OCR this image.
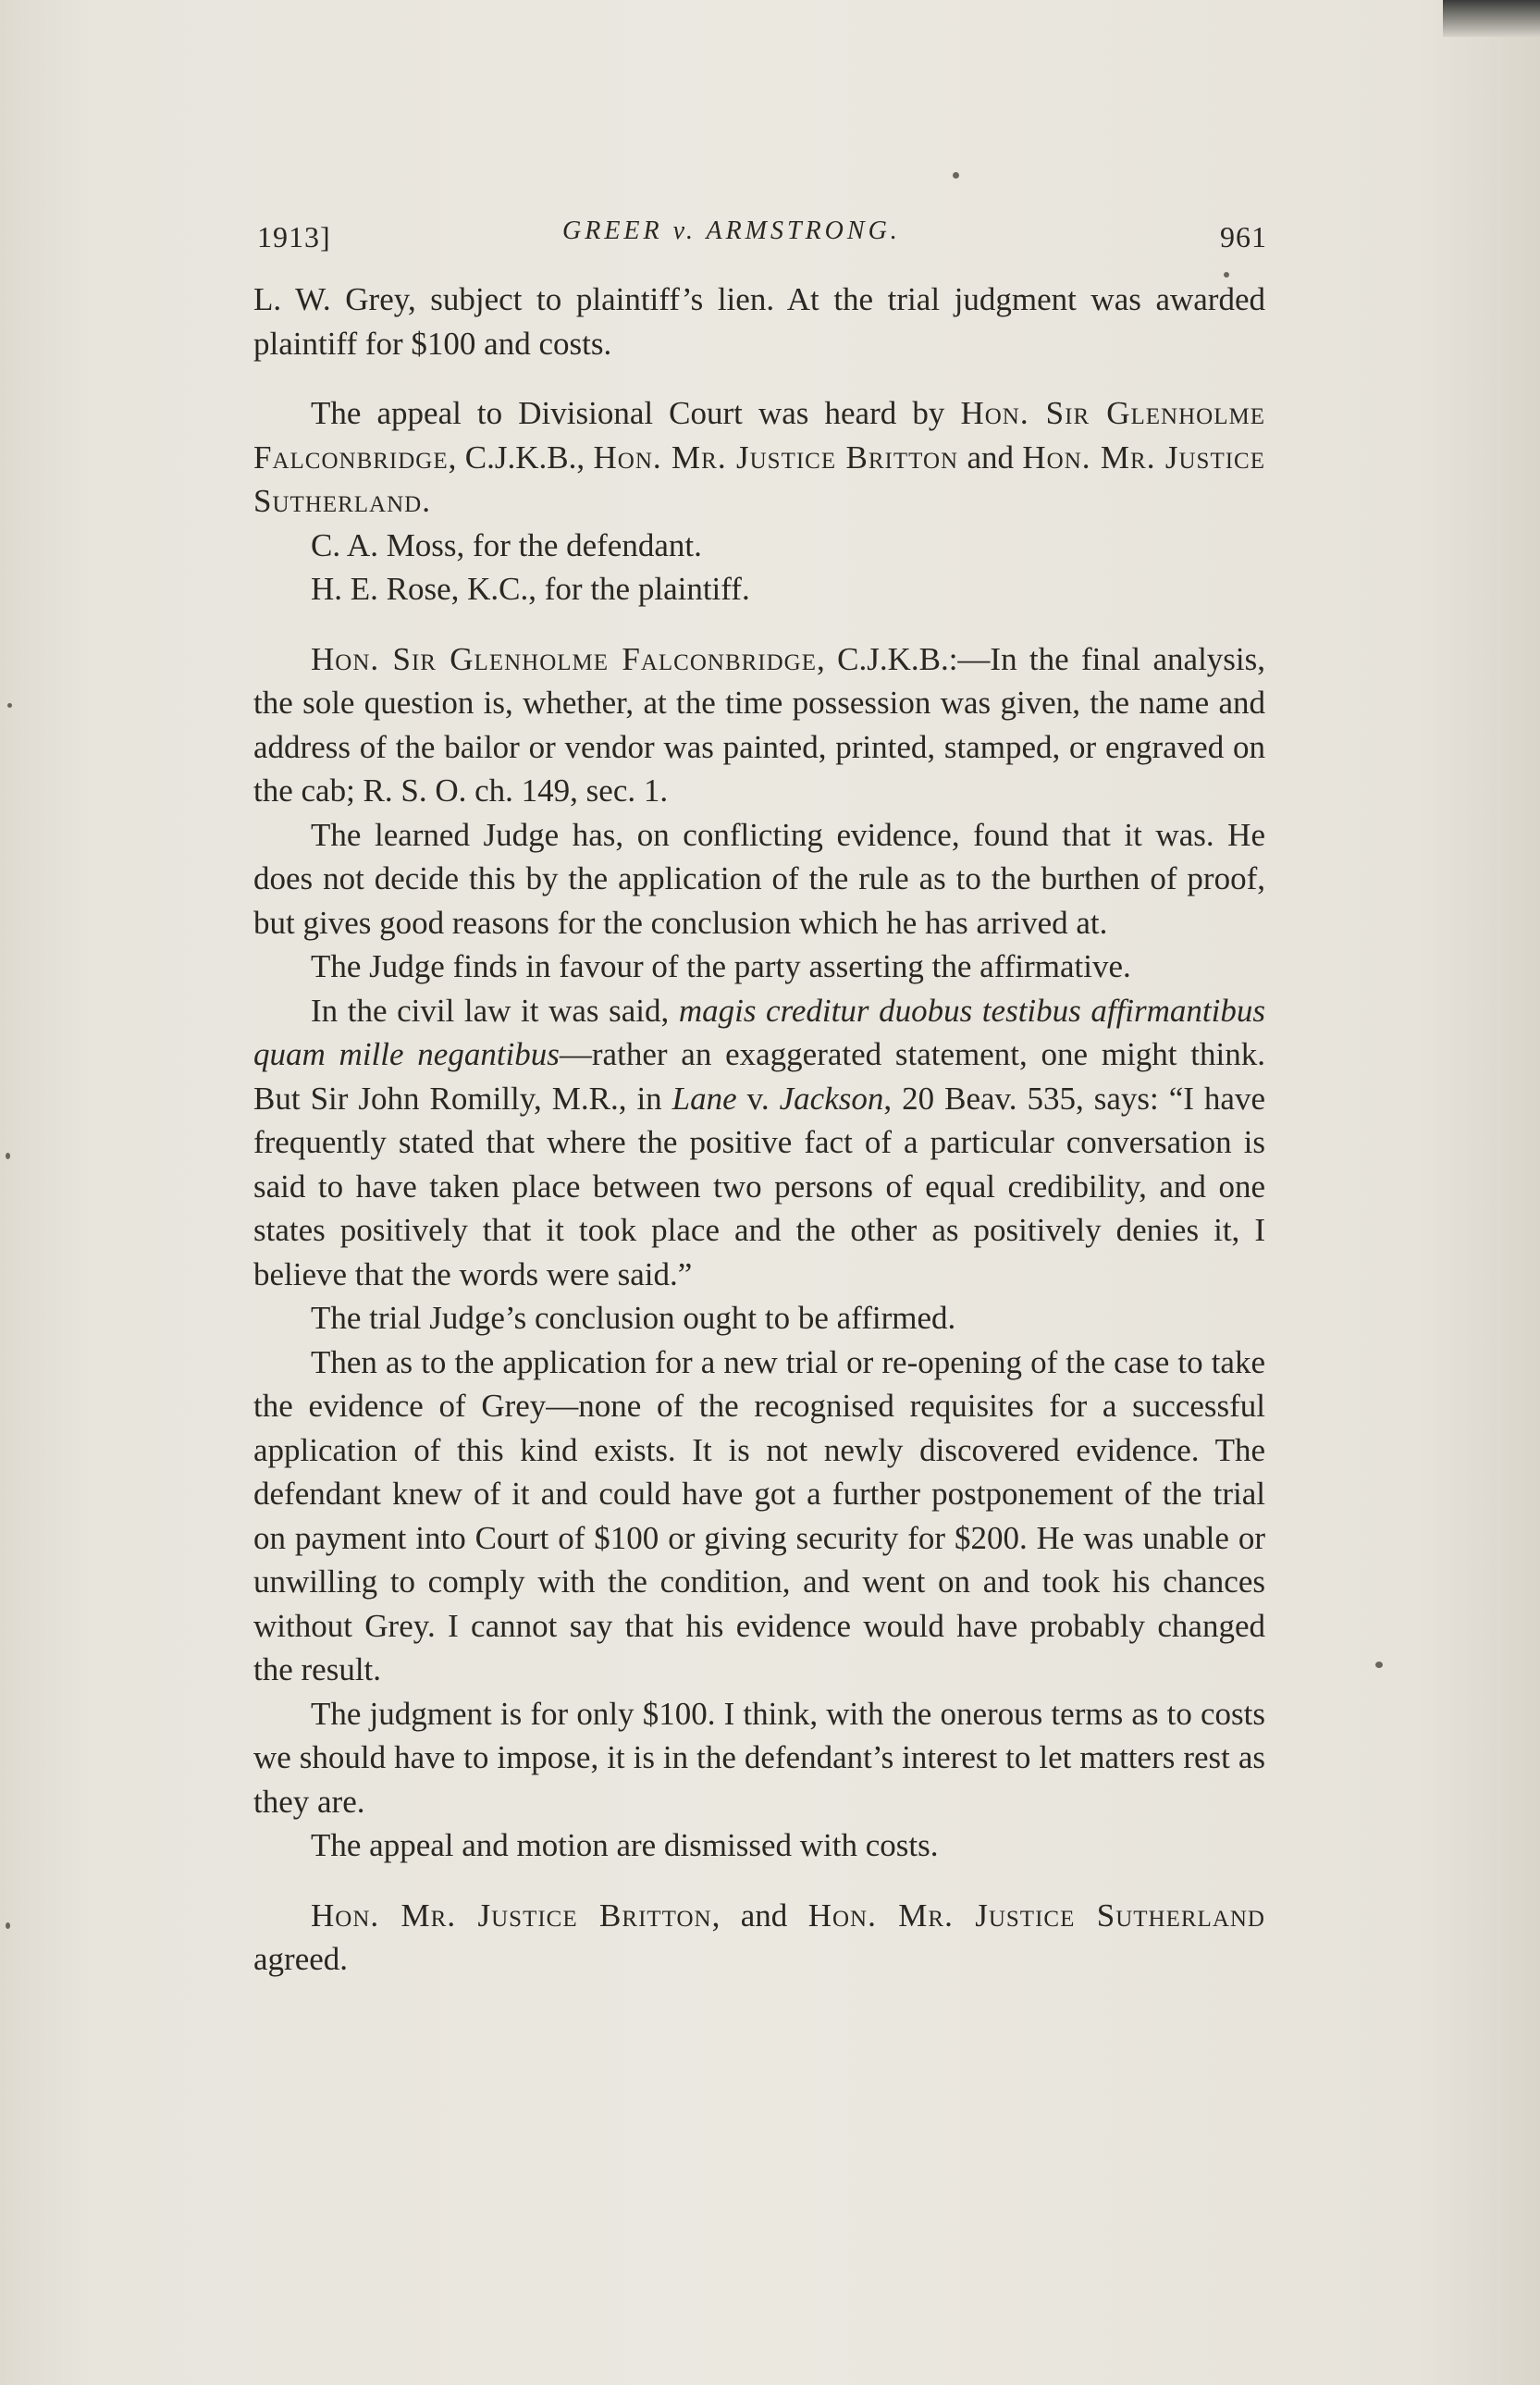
1913]	GREER v. ARMSTRONG.	961

L. W. Grey, subject to plaintiff’s lien. At the trial judgment was awarded plaintiff for $100 and costs.

The appeal to Divisional Court was heard by Hon. Sir Glenholme Falconbridge, C.J.K.B., Hon. Mr. Justice Britton and Hon. Mr. Justice Sutherland.

C. A. Moss, for the defendant.

H. E. Rose, K.C., for the plaintiff.

Hon. Sir Glenholme Falconbridge, C.J.K.B.:—In the final analysis, the sole question is, whether, at the time possession was given, the name and address of the bailor or vendor was painted, printed, stamped, or engraved on the cab; R. S. O. ch. 149, sec. 1.

The learned Judge has, on conflicting evidence, found that it was. He does not decide this by the application of the rule as to the burthen of proof, but gives good reasons for the conclusion which he has arrived at.

The Judge finds in favour of the party asserting the affirmative.

In the civil law it was said, magis creditur duobus testibus affirmantibus quam mille negantibus—rather an exaggerated statement, one might think. But Sir John Romilly, M.R., in Lane v. Jackson, 20 Beav. 535, says: “I have frequently stated that where the positive fact of a particular conversation is said to have taken place between two persons of equal credibility, and one states positively that it took place and the other as positively denies it, I believe that the words were said.”

The trial Judge’s conclusion ought to be affirmed.

Then as to the application for a new trial or re-opening of the case to take the evidence of Grey—none of the recognised requisites for a successful application of this kind exists. It is not newly discovered evidence. The defendant knew of it and could have got a further postponement of the trial on payment into Court of $100 or giving security for $200. He was unable or unwilling to comply with the condition, and went on and took his chances without Grey. I cannot say that his evidence would have probably changed the result.

The judgment is for only $100. I think, with the onerous terms as to costs we should have to impose, it is in the defendant’s interest to let matters rest as they are.

The appeal and motion are dismissed with costs.

Hon. Mr. Justice Britton, and Hon. Mr. Justice Sutherland agreed.
